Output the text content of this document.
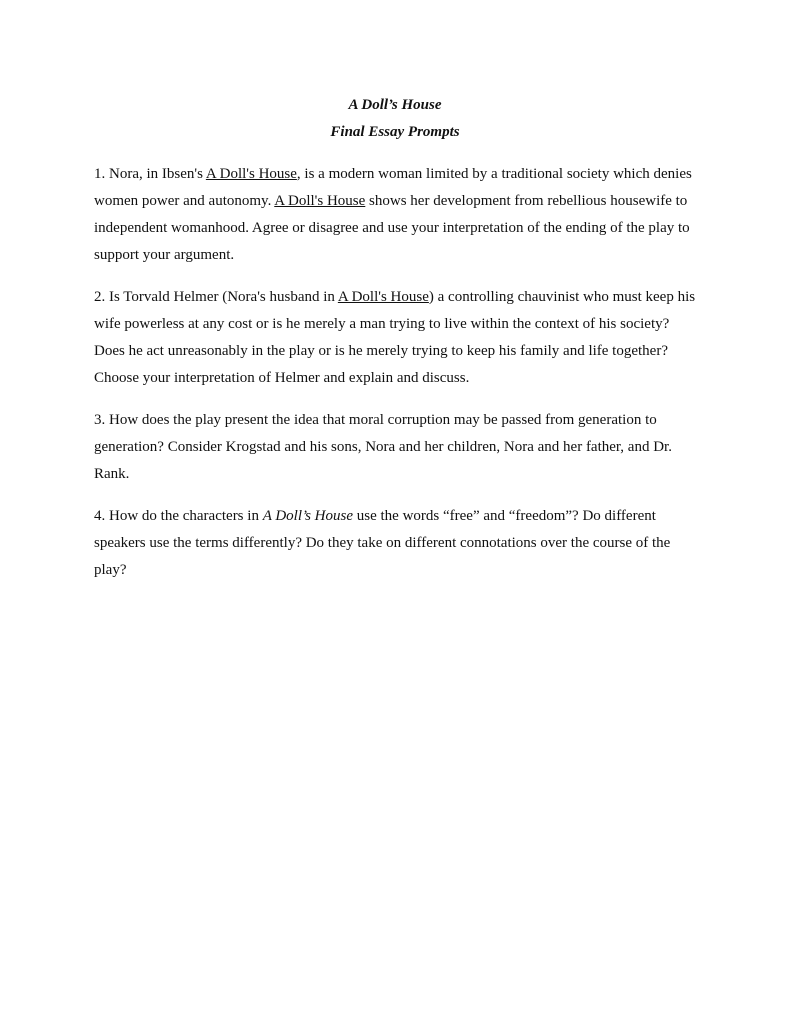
A Doll’s House

Final Essay Prompts

1. Nora, in Ibsen's A Doll's House, is a modern woman limited by a traditional society which denies women power and autonomy. A Doll's House shows her development from rebellious housewife to independent womanhood. Agree or disagree and use your interpretation of the ending of the play to support your argument.

2. Is Torvald Helmer (Nora's husband in A Doll's House) a controlling chauvinist who must keep his wife powerless at any cost or is he merely a man trying to live within the context of his society? Does he act unreasonably in the play or is he merely trying to keep his family and life together? Choose your interpretation of Helmer and explain and discuss.

3. How does the play present the idea that moral corruption may be passed from generation to generation? Consider Krogstad and his sons, Nora and her children, Nora and her father, and Dr. Rank.

4. How do the characters in A Doll’s House use the words “free” and “freedom”? Do different speakers use the terms differently? Do they take on different connotations over the course of the play?
